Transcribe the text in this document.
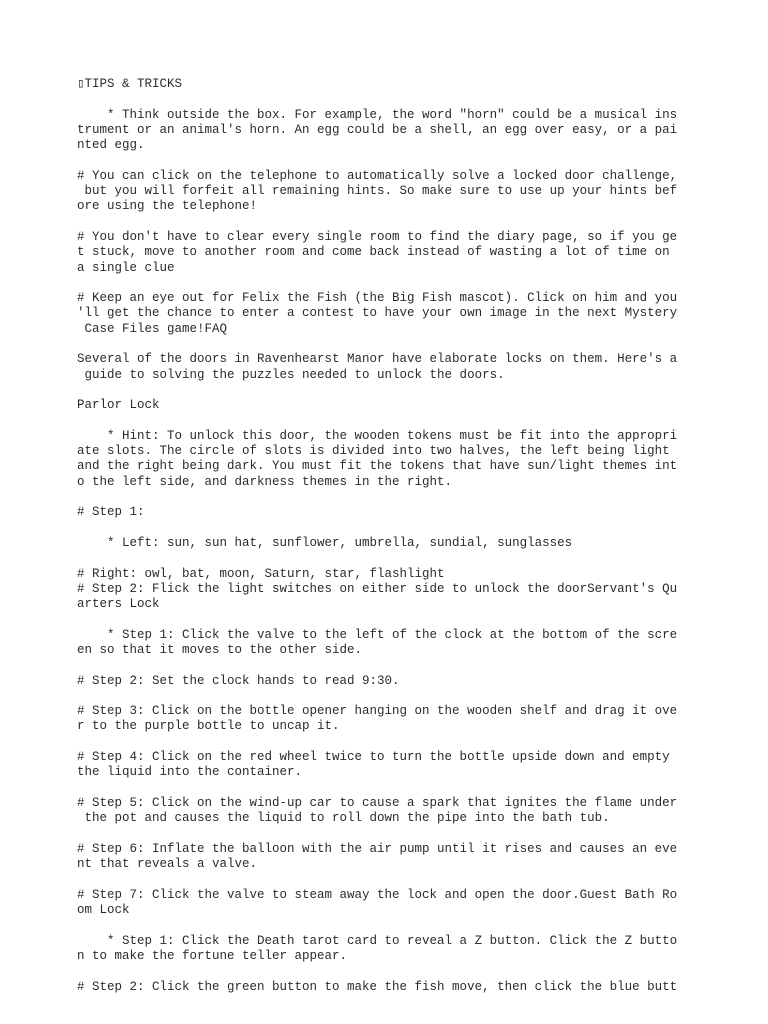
▯TIPS & TRICKS

* Think outside the box. For example, the word "horn" could be a musical ins
trument or an animal's horn. An egg could be a shell, an egg over easy, or a pai
nted egg.

# You can click on the telephone to automatically solve a locked door challenge,
but you will forfeit all remaining hints. So make sure to use up your hints bef
ore using the telephone!

# You don't have to clear every single room to find the diary page, so if you ge
t stuck, move to another room and come back instead of wasting a lot of time on
a single clue

# Keep an eye out for Felix the Fish (the Big Fish mascot). Click on him and you
'll get the chance to enter a contest to have your own image in the next Mystery
Case Files game!FAQ

Several of the doors in Ravenhearst Manor have elaborate locks on them. Here's a
guide to solving the puzzles needed to unlock the doors.

Parlor Lock

* Hint: To unlock this door, the wooden tokens must be fit into the appropri
ate slots. The circle of slots is divided into two halves, the left being light
and the right being dark. You must fit the tokens that have sun/light themes int
o the left side, and darkness themes in the right.

# Step 1:

* Left: sun, sun hat, sunflower, umbrella, sundial, sunglasses

# Right: owl, bat, moon, Saturn, star, flashlight

# Step 2: Flick the light switches on either side to unlock the doorServant's Qu
arters Lock

* Step 1: Click the valve to the left of the clock at the bottom of the scre
en so that it moves to the other side.

# Step 2: Set the clock hands to read 9:30.

# Step 3: Click on the bottle opener hanging on the wooden shelf and drag it ove
r to the purple bottle to uncap it.

# Step 4: Click on the red wheel twice to turn the bottle upside down and empty
the liquid into the container.

# Step 5: Click on the wind-up car to cause a spark that ignites the flame under
the pot and causes the liquid to roll down the pipe into the bath tub.

# Step 6: Inflate the balloon with the air pump until it rises and causes an eve
nt that reveals a valve.

# Step 7: Click the valve to steam away the lock and open the door.Guest Bath Ro
om Lock

* Step 1: Click the Death tarot card to reveal a Z button. Click the Z butto
n to make the fortune teller appear.

# Step 2: Click the green button to make the fish move, then click the blue butt
